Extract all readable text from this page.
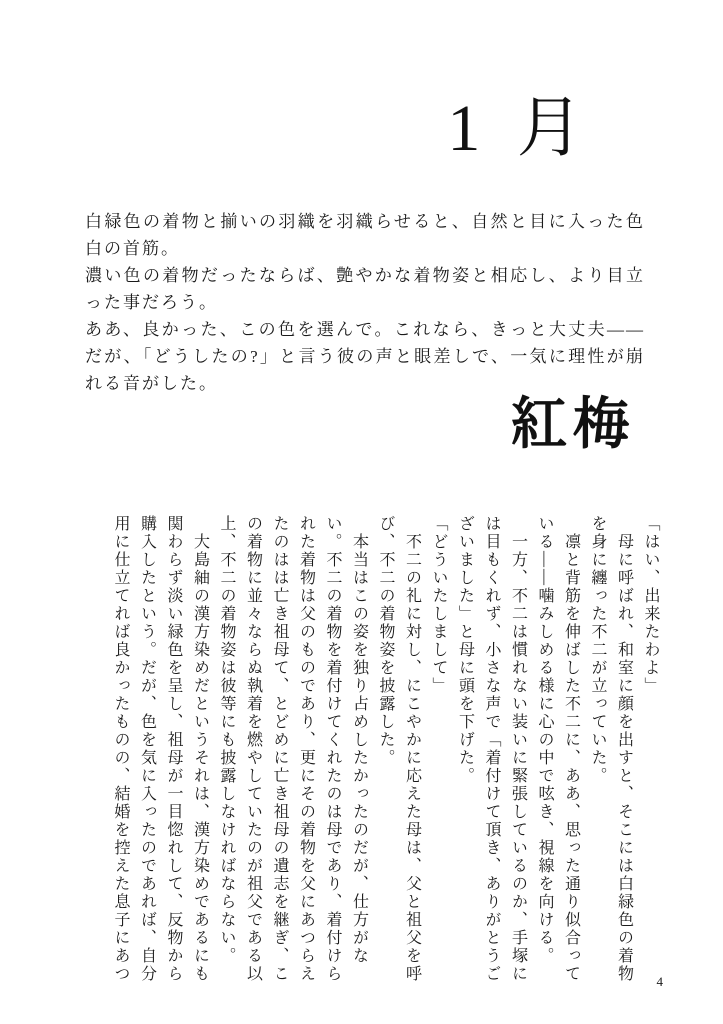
1月

白緑色の着物と揃いの羽織を羽織らせると、自然と目に入った色白の首筋。

濃い色の着物だったならば、艶やかな着物姿と相応し、より目立った事だろう。

ああ、良かった、この色を選んで。これなら、きっと大丈夫——だが、「どうしたの?」と言う彼の声と眼差しで、一気に理性が崩れる音がした。

紅梅

「はい、出来たわよ」

　母に呼ばれ、和室に顔を出すと、そこには白緑色の着物を身に纏った不二が立っていた。

　凛と背筋を伸ばした不二に、ああ、思った通り似合っている——噛みしめる様に心の中で呟き、視線を向ける。

　一方、不二は慣れない装いに緊張しているのか、手塚には目もくれず、小さな声で「着付けて頂き、ありがとうございました」と母に頭を下げた。

「どういたしまして」

　不二の礼に対し、にこやかに応えた母は、父と祖父を呼び、不二の着物姿を披露した。

　本当はこの姿を独り占めしたかったのだが、仕方がない。不二の着物を着付けてくれたのは母であり、着付けられた着物は父のものであり、更にその着物を父にあつらえたのはは亡き祖母て、とどめに亡き祖母の遺志を継ぎ、この着物に並々ならぬ執着を燃やしていたのが祖父である以上、不二の着物姿は彼等にも披露しなければならない。

　大島紬の漢方染めだというそれは、漢方染めであるにも関わらず淡い緑色を呈し、祖母が一目惚れして、反物から購入したという。だが、色を気に入ったのであれば、自分用に仕立てれば良かったものの、結婚を控えた息子にあつ	4
